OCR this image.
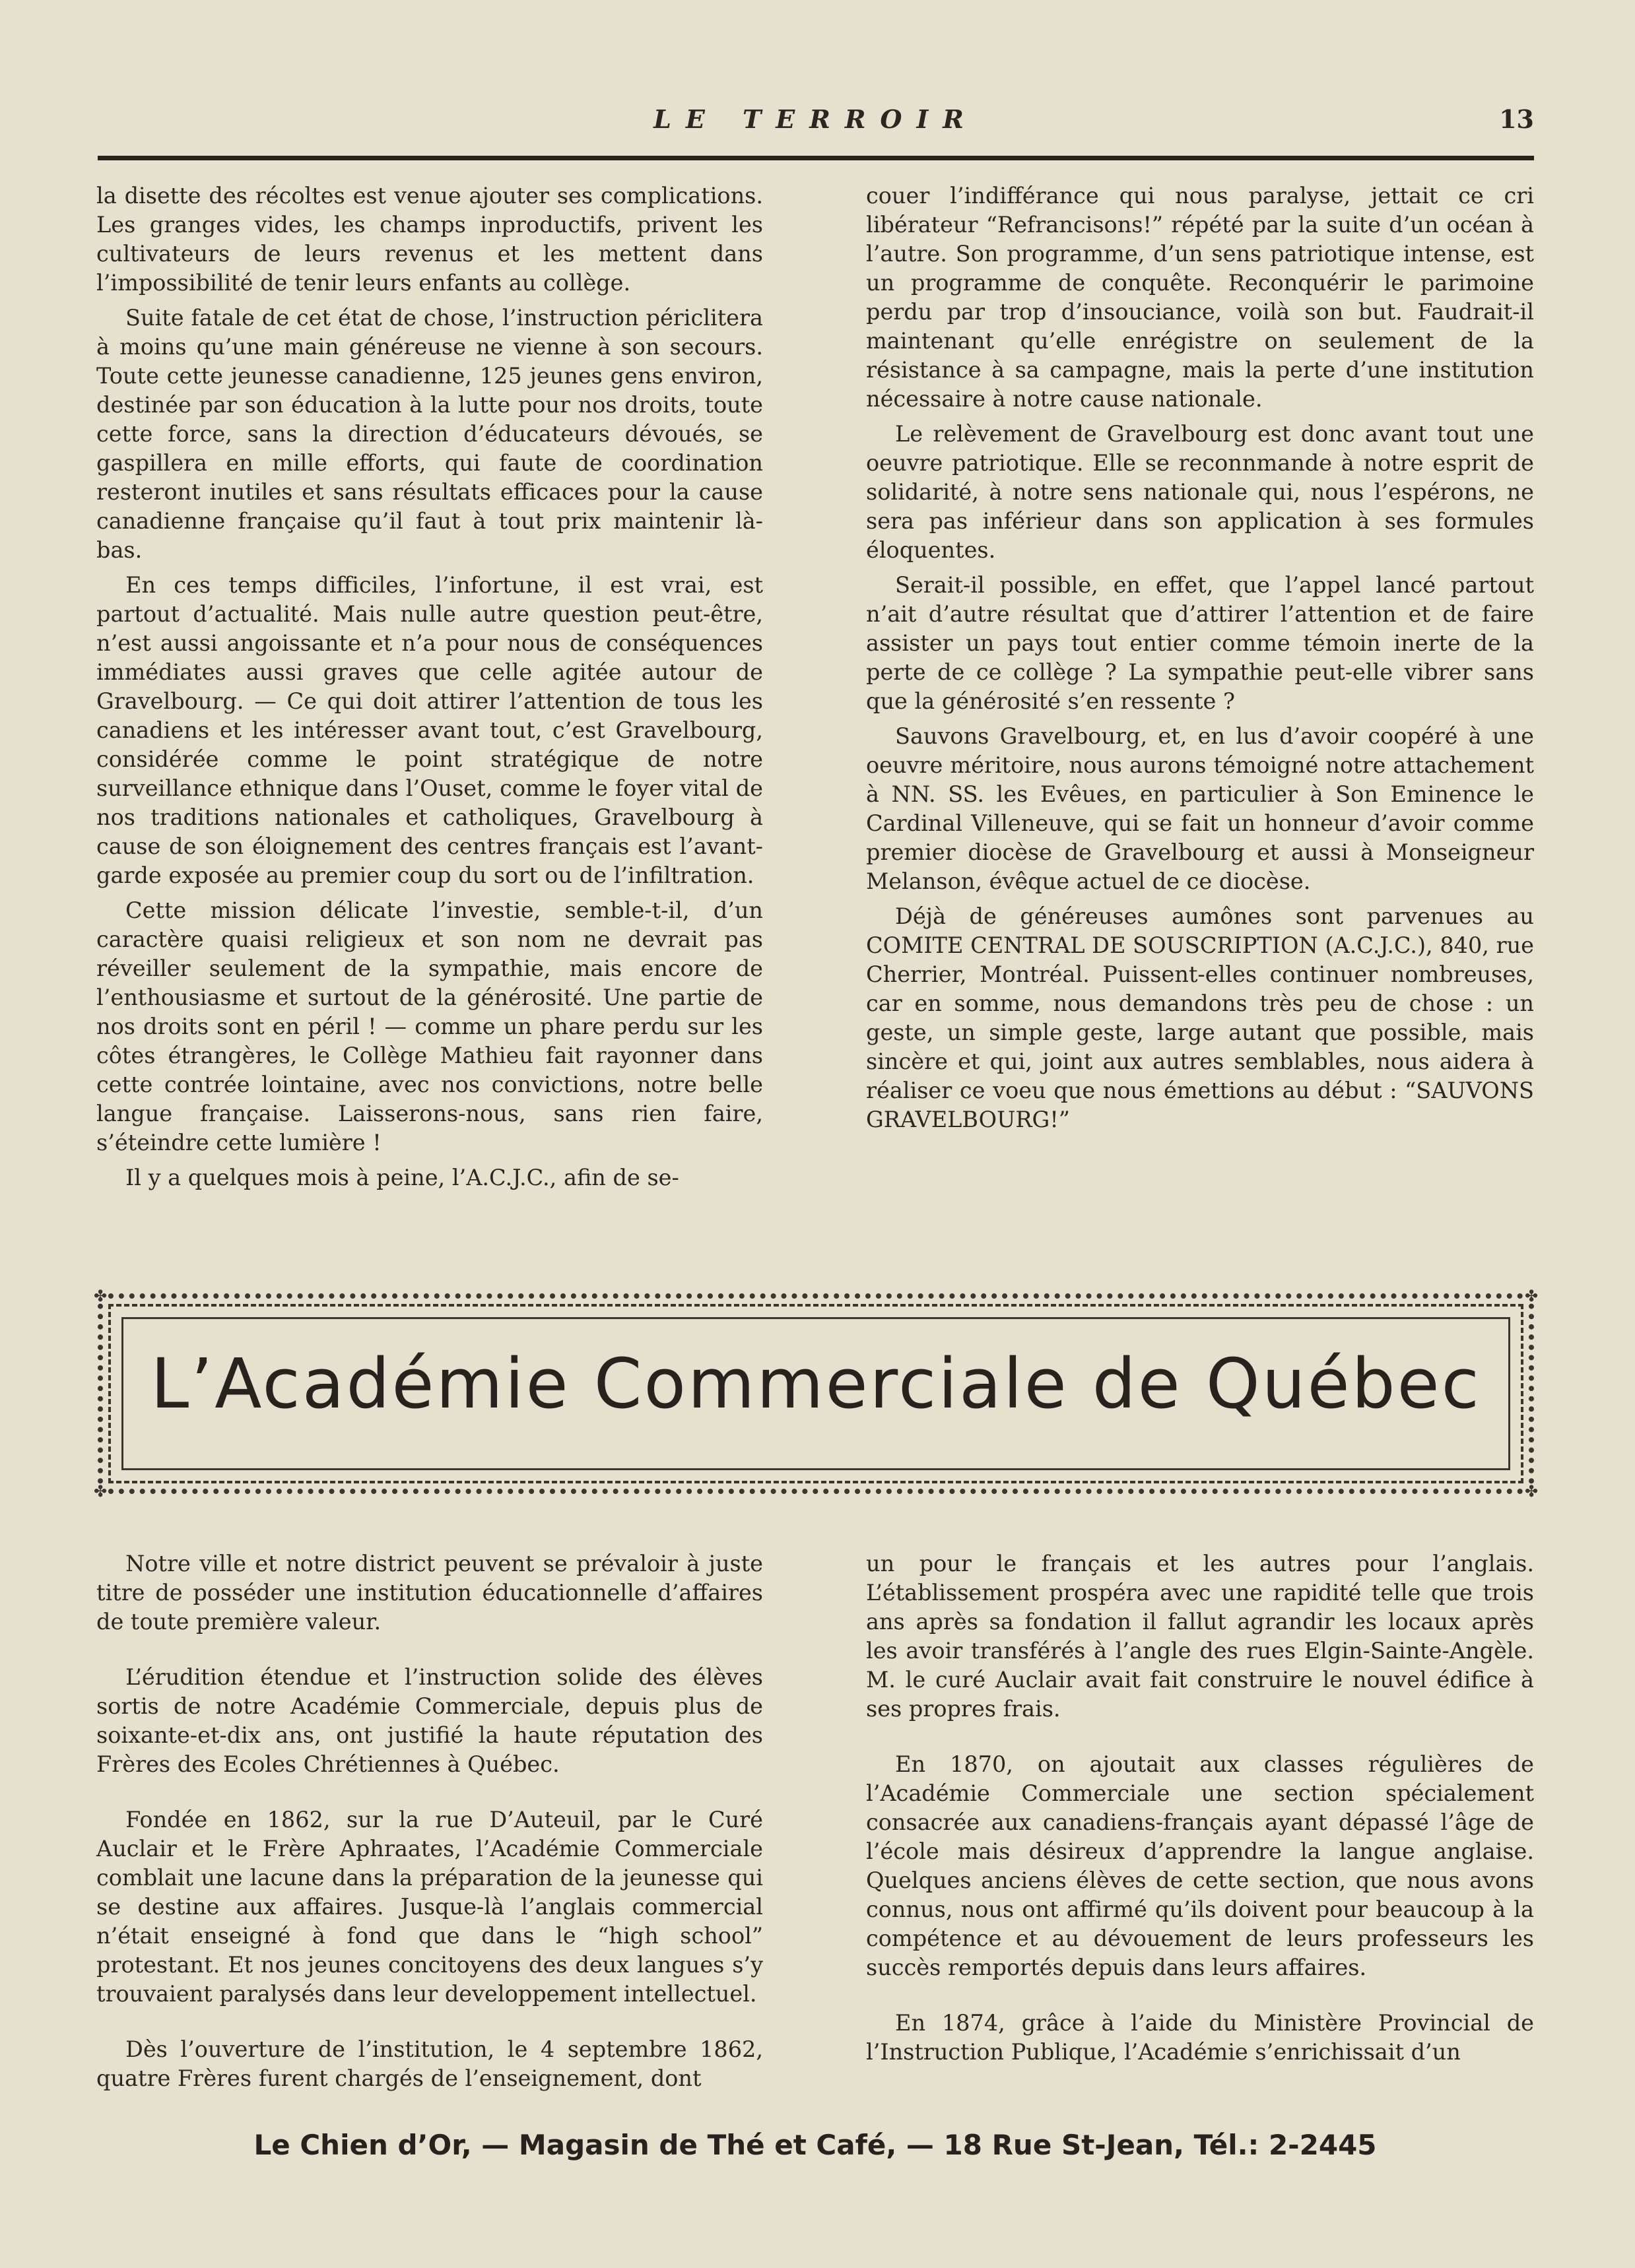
LE TERROIR	13

la disette des récoltes est venue ajouter ses complications. Les granges vides, les champs inproductifs, privent les cultivateurs de leurs revenus et les mettent dans l’impossibilité de tenir leurs enfants au collège.

Suite fatale de cet état de chose, l’instruction périclitera à moins qu’une main généreuse ne vienne à son secours. Toute cette jeunesse canadienne, 125 jeunes gens environ, destinée par son éducation à la lutte pour nos droits, toute cette force, sans la direction d’éducateurs dévoués, se gaspillera en mille efforts, qui faute de coordination resteront inutiles et sans résultats efficaces pour la cause canadienne française qu’il faut à tout prix maintenir là-bas.

En ces temps difficiles, l’infortune, il est vrai, est partout d’actualité. Mais nulle autre question peut-être, n’est aussi angoissante et n’a pour nous de conséquences immédiates aussi graves que celle agitée autour de Gravelbourg. — Ce qui doit attirer l’attention de tous les canadiens et les intéresser avant tout, c’est Gravelbourg, considérée comme le point stratégique de notre surveillance ethnique dans l’Ouset, comme le foyer vital de nos traditions nationales et catholiques, Gravelbourg à cause de son éloignement des centres français est l’avant-garde exposée au premier coup du sort ou de l’infiltration.

Cette mission délicate l’investie, semble-t-il, d’un caractère quaisi religieux et son nom ne devrait pas réveiller seulement de la sympathie, mais encore de l’enthousiasme et surtout de la générosité. Une partie de nos droits sont en péril ! — comme un phare perdu sur les côtes étrangères, le Collège Mathieu fait rayonner dans cette contrée lointaine, avec nos convictions, notre belle langue française. Laisserons-nous, sans rien faire, s’éteindre cette lumière !

Il y a quelques mois à peine, l’A.C.J.C., afin de se-

couer l’indifférance qui nous paralyse, jettait ce cri libérateur “Refrancisons!” répété par la suite d’un océan à l’autre. Son programme, d’un sens patriotique intense, est un programme de conquête. Reconquérir le parimoine perdu par trop d’insouciance, voilà son but. Faudrait-il maintenant qu’elle enrégistre on seulement de la résistance à sa campagne, mais la perte d’une institution nécessaire à notre cause nationale.

Le relèvement de Gravelbourg est donc avant tout une oeuvre patriotique. Elle se reconnmande à notre esprit de solidarité, à notre sens nationale qui, nous l’espérons, ne sera pas inférieur dans son application à ses formules éloquentes.

Serait-il possible, en effet, que l’appel lancé partout n’ait d’autre résultat que d’attirer l’attention et de faire assister un pays tout entier comme témoin inerte de la perte de ce collège ? La sympathie peut-elle vibrer sans que la générosité s’en ressente ?

Sauvons Gravelbourg, et, en lus d’avoir coopéré à une oeuvre méritoire, nous aurons témoigné notre attachement à NN. SS. les Evêues, en particulier à Son Eminence le Cardinal Villeneuve, qui se fait un honneur d’avoir comme premier diocèse de Gravelbourg et aussi à Monseigneur Melanson, évêque actuel de ce diocèse.

Déjà de généreuses aumônes sont parvenues au COMITE CENTRAL DE SOUSCRIPTION (A.C.J.C.), 840, rue Cherrier, Montréal. Puissent-elles continuer nombreuses, car en somme, nous demandons très peu de chose : un geste, un simple geste, large autant que possible, mais sincère et qui, joint aux autres semblables, nous aidera à réaliser ce voeu que nous émettions au début : “SAUVONS GRAVELBOURG!”

✤	✤
✤	✤
L’Académie Commerciale de Québec

Notre ville et notre district peuvent se prévaloir à juste titre de posséder une institution éducationnelle d’affaires de toute première valeur.

L’érudition étendue et l’instruction solide des élèves sortis de notre Académie Commerciale, depuis plus de soixante-et-dix ans, ont justifié la haute réputation des Frères des Ecoles Chrétiennes à Québec.

Fondée en 1862, sur la rue D’Auteuil, par le Curé Auclair et le Frère Aphraates, l’Académie Commerciale comblait une lacune dans la préparation de la jeunesse qui se destine aux affaires. Jusque-là l’anglais commercial n’était enseigné à fond que dans le “high school” protestant. Et nos jeunes concitoyens des deux langues s’y trouvaient paralysés dans leur developpement intellectuel.

Dès l’ouverture de l’institution, le 4 septembre 1862, quatre Frères furent chargés de l’enseignement, dont

un pour le français et les autres pour l’anglais. L’établissement prospéra avec une rapidité telle que trois ans après sa fondation il fallut agrandir les locaux après les avoir transférés à l’angle des rues Elgin-Sainte-Angèle. M. le curé Auclair avait fait construire le nouvel édifice à ses propres frais.

En 1870, on ajoutait aux classes régulières de l’Académie Commerciale une section spécialement consacrée aux canadiens-français ayant dépassé l’âge de l’école mais désireux d’apprendre la langue anglaise. Quelques anciens élèves de cette section, que nous avons connus, nous ont affirmé qu’ils doivent pour beaucoup à la compétence et au dévouement de leurs professeurs les succès remportés depuis dans leurs affaires.

En 1874, grâce à l’aide du Ministère Provincial de l’Instruction Publique, l’Académie s’enrichissait d’un

Le Chien d’Or, — Magasin de Thé et Café, — 18 Rue St-Jean, Tél.: 2-2445
